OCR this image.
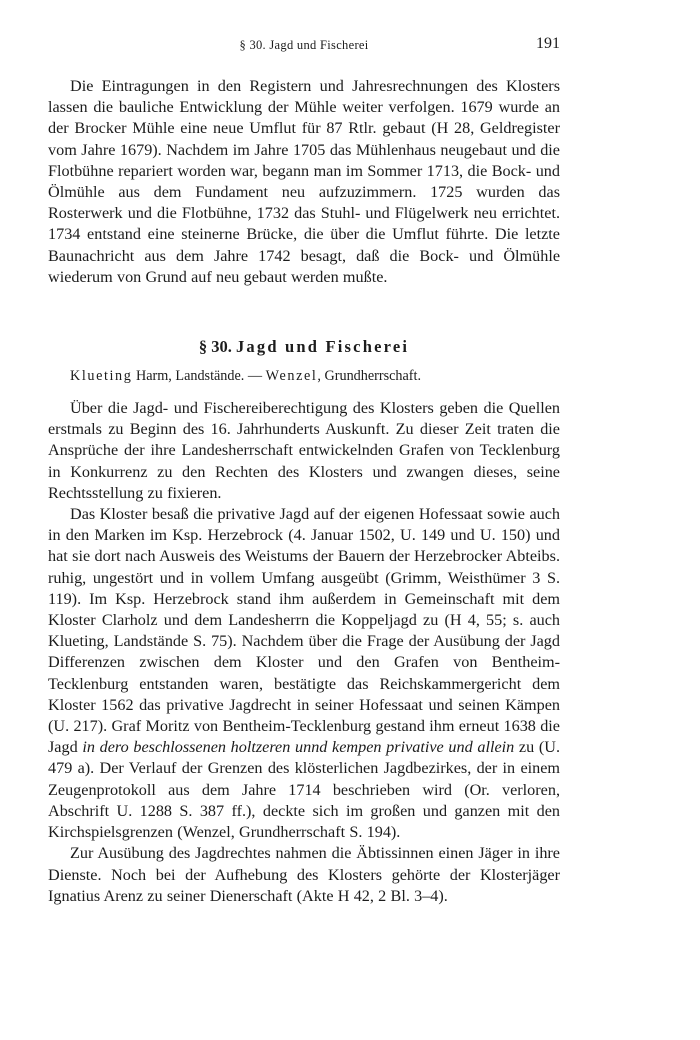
§ 30. Jagd und Fischerei	191

Die Eintragungen in den Registern und Jahresrechnungen des Klosters lassen die bauliche Entwicklung der Mühle weiter verfolgen. 1679 wurde an der Brocker Mühle eine neue Umflut für 87 Rtlr. gebaut (H 28, Geldregister vom Jahre 1679). Nachdem im Jahre 1705 das Mühlenhaus neugebaut und die Flotbühne repariert worden war, begann man im Sommer 1713, die Bock- und Ölmühle aus dem Fundament neu aufzuzimmern. 1725 wurden das Rosterwerk und die Flotbühne, 1732 das Stuhl- und Flügelwerk neu errichtet. 1734 entstand eine steinerne Brücke, die über die Umflut führte. Die letzte Baunachricht aus dem Jahre 1742 besagt, daß die Bock- und Ölmühle wiederum von Grund auf neu gebaut werden mußte.

§ 30. Jagd und Fischerei

Klueting Harm, Landstände. — Wenzel, Grundherrschaft.

Über die Jagd- und Fischereiberechtigung des Klosters geben die Quellen erstmals zu Beginn des 16. Jahrhunderts Auskunft. Zu dieser Zeit traten die Ansprüche der ihre Landesherrschaft entwickelnden Grafen von Tecklenburg in Konkurrenz zu den Rechten des Klosters und zwangen dieses, seine Rechtsstellung zu fixieren.

Das Kloster besaß die privative Jagd auf der eigenen Hofessaat sowie auch in den Marken im Ksp. Herzebrock (4. Januar 1502, U. 149 und U. 150) und hat sie dort nach Ausweis des Weistums der Bauern der Herzebrocker Abteibs. ruhig, ungestört und in vollem Umfang ausgeübt (Grimm, Weisthümer 3 S. 119). Im Ksp. Herzebrock stand ihm außerdem in Gemeinschaft mit dem Kloster Clarholz und dem Landesherrn die Koppeljagd zu (H 4, 55; s. auch Klueting, Landstände S. 75). Nachdem über die Frage der Ausübung der Jagd Differenzen zwischen dem Kloster und den Grafen von Bentheim-Tecklenburg entstanden waren, bestätigte das Reichskammergericht dem Kloster 1562 das privative Jagdrecht in seiner Hofessaat und seinen Kämpen (U. 217). Graf Moritz von Bentheim-Tecklenburg gestand ihm erneut 1638 die Jagd in dero beschlossenen holtzeren unnd kempen privative und allein zu (U. 479 a). Der Verlauf der Grenzen des klösterlichen Jagdbezirkes, der in einem Zeugenprotokoll aus dem Jahre 1714 beschrieben wird (Or. verloren, Abschrift U. 1288 S. 387 ff.), deckte sich im großen und ganzen mit den Kirchspielsgrenzen (Wenzel, Grundherrschaft S. 194).

Zur Ausübung des Jagdrechtes nahmen die Äbtissinnen einen Jäger in ihre Dienste. Noch bei der Aufhebung des Klosters gehörte der Klosterjäger Ignatius Arenz zu seiner Dienerschaft (Akte H 42, 2 Bl. 3–4).
